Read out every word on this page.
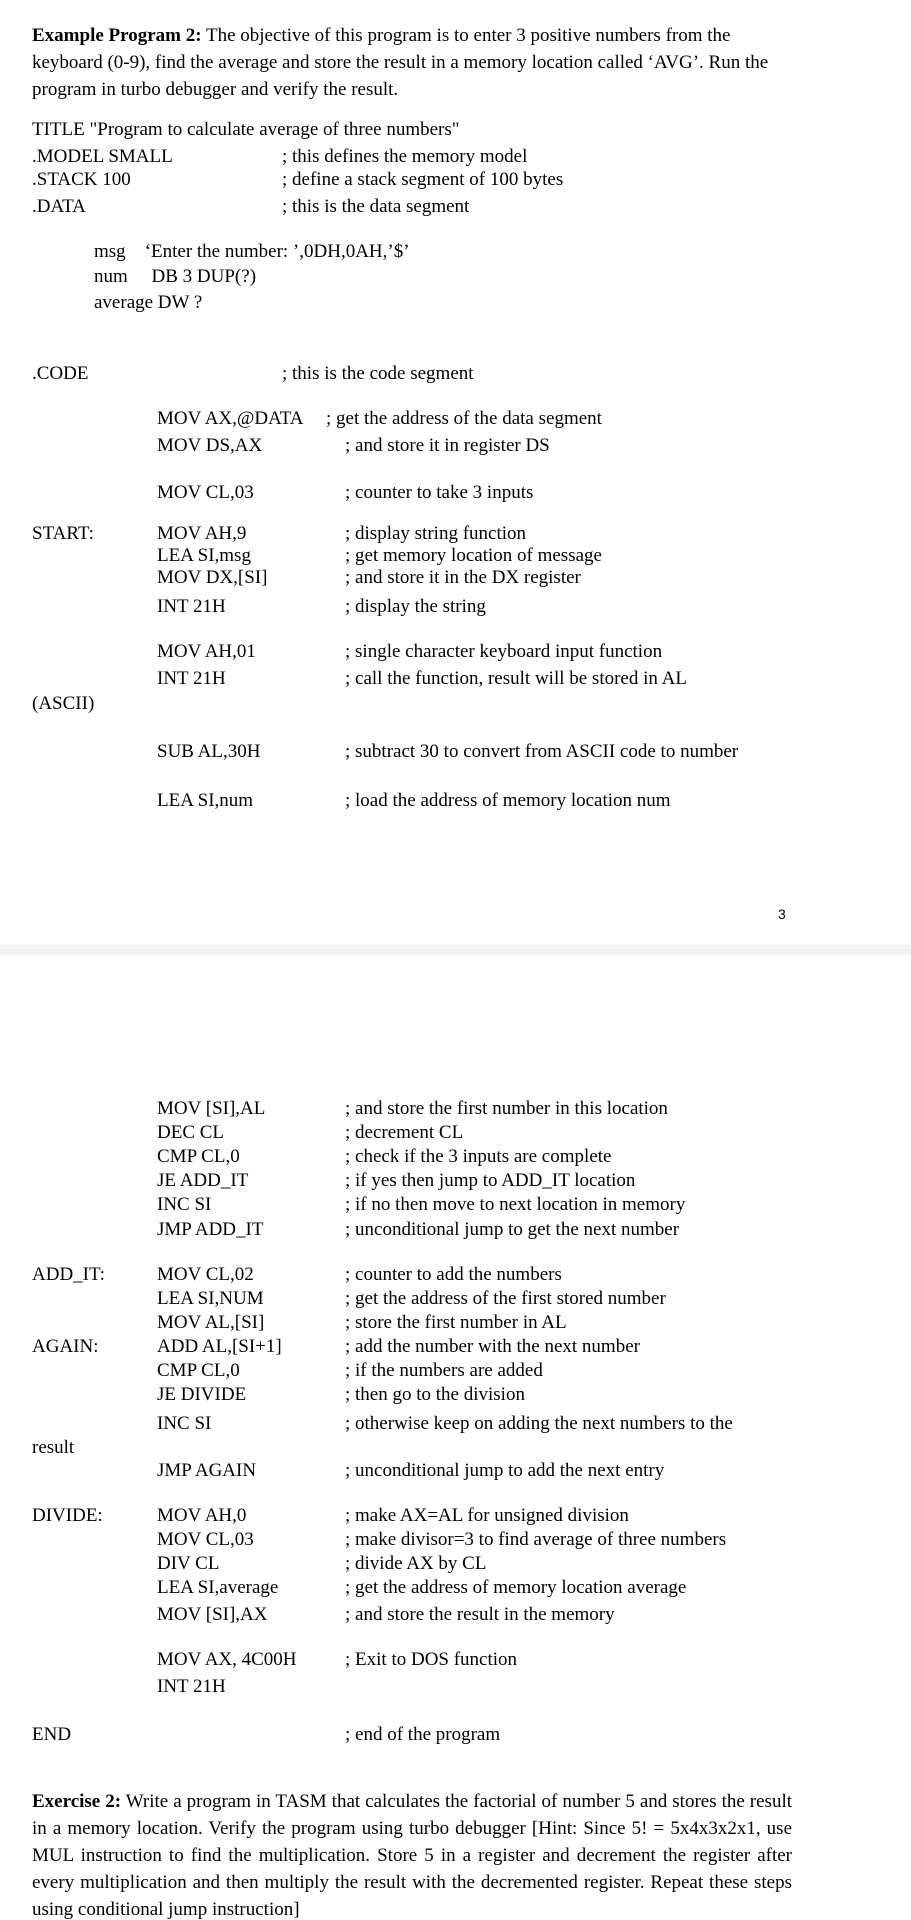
Example Program 2: The objective of this program is to enter 3 positive numbers from the keyboard (0-9), find the average and store the result in a memory location called ‘AVG’. Run the program in turbo debugger and verify the result.

TITLE "Program to calculate average of three numbers"
.MODEL SMALL	; this defines the memory model
.STACK 100	; define a stack segment of 100 bytes
.DATA	; this is the data segment
msg    ‘Enter the number: ’,0DH,0AH,’$’
num     DB 3 DUP(?)
average DW ?
.CODE	; this is the code segment
MOV AX,@DATA ; get the address of the data segment
MOV DS,AX	; and store it in register DS
MOV CL,03	; counter to take 3 inputs
START:	MOV AH,9	; display string function
LEA SI,msg	; get memory location of message
MOV DX,[SI]	; and store it in the DX register
INT 21H	; display the string
MOV AH,01	; single character keyboard input function
INT 21H	; call the function, result will be stored in AL
(ASCII)
SUB AL,30H	; subtract 30 to convert from ASCII code to number
LEA SI,num	; load the address of memory location num
3
MOV [SI],AL	; and store the first number in this location
DEC CL	; decrement CL
CMP CL,0	; check if the 3 inputs are complete
JE ADD_IT	; if yes then jump to ADD_IT location
INC SI	; if no then move to next location in memory
JMP ADD_IT	; unconditional jump to get the next number
ADD_IT:	MOV CL,02	; counter to add the numbers
LEA SI,NUM	; get the address of the first stored number
MOV AL,[SI]	; store the first number in AL
AGAIN:	ADD AL,[SI+1]	; add the number with the next number
CMP CL,0	; if the numbers are added
JE DIVIDE	; then go to the division
INC SI	; otherwise keep on adding the next numbers to the
result
JMP AGAIN	; unconditional jump to add the next entry
DIVIDE:	MOV AH,0	; make AX=AL for unsigned division
MOV CL,03	; make divisor=3 to find average of three numbers
DIV CL	; divide AX by CL
LEA SI,average	; get the address of memory location average
MOV [SI],AX	; and store the result in the memory
MOV AX, 4C00H	; Exit to DOS function
INT 21H
END	; end of the program

Exercise 2: Write a program in TASM that calculates the factorial of number 5 and stores the result in a memory location. Verify the program using turbo debugger [Hint: Since 5! = 5x4x3x2x1, use MUL instruction to find the multiplication. Store 5 in a register and decrement the register after every multiplication and then multiply the result with the decremented register. Repeat these steps using conditional jump instruction]
